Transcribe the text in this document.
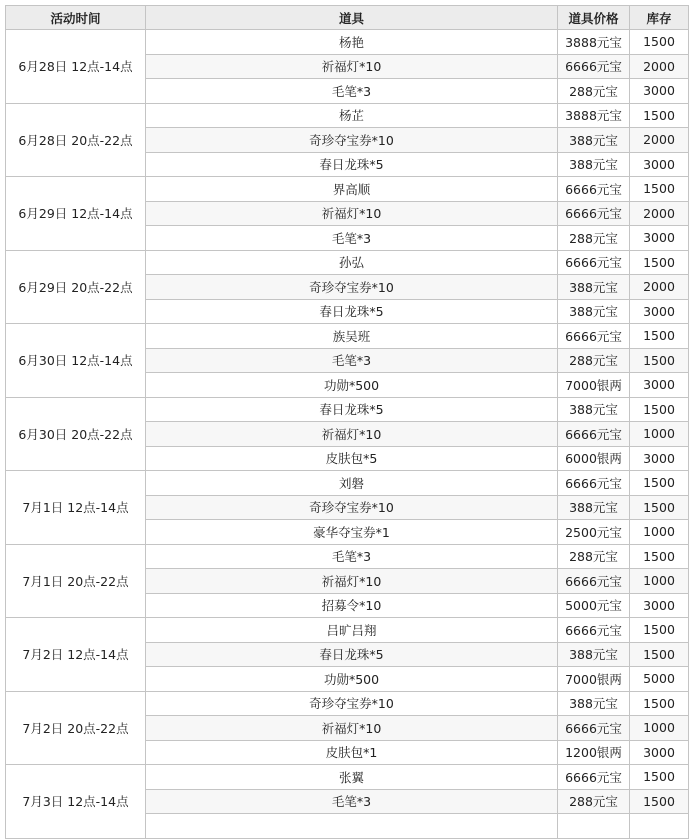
活动时间	道具	道具价格	库存
6月28日 12点-14点	杨艳	3888元宝	1500
	祈福灯*10	6666元宝	2000
	毛笔*3	288元宝	3000
6月28日 20点-22点	杨芷	3888元宝	1500
	奇珍夺宝券*10	388元宝	2000
	春日龙珠*5	388元宝	3000
6月29日 12点-14点	界高顺	6666元宝	1500
	祈福灯*10	6666元宝	2000
	毛笔*3	288元宝	3000
6月29日 20点-22点	孙弘	6666元宝	1500
	奇珍夺宝券*10	388元宝	2000
	春日龙珠*5	388元宝	3000
6月30日 12点-14点	族吴班	6666元宝	1500
	毛笔*3	288元宝	1500
	功勋*500	7000银两	3000
6月30日 20点-22点	春日龙珠*5	388元宝	1500
	祈福灯*10	6666元宝	1000
	皮肤包*5	6000银两	3000
7月1日 12点-14点	刘磐	6666元宝	1500
	奇珍夺宝券*10	388元宝	1500
	豪华夺宝券*1	2500元宝	1000
7月1日 20点-22点	毛笔*3	288元宝	1500
	祈福灯*10	6666元宝	1000
	招募令*10	5000元宝	3000
7月2日 12点-14点	吕旷吕翔	6666元宝	1500
	春日龙珠*5	388元宝	1500
	功勋*500	7000银两	5000
7月2日 20点-22点	奇珍夺宝券*10	388元宝	1500
	祈福灯*10	6666元宝	1000
	皮肤包*1	1200银两	3000
7月3日 12点-14点	张翼	6666元宝	1500
	毛笔*3	288元宝	1500
